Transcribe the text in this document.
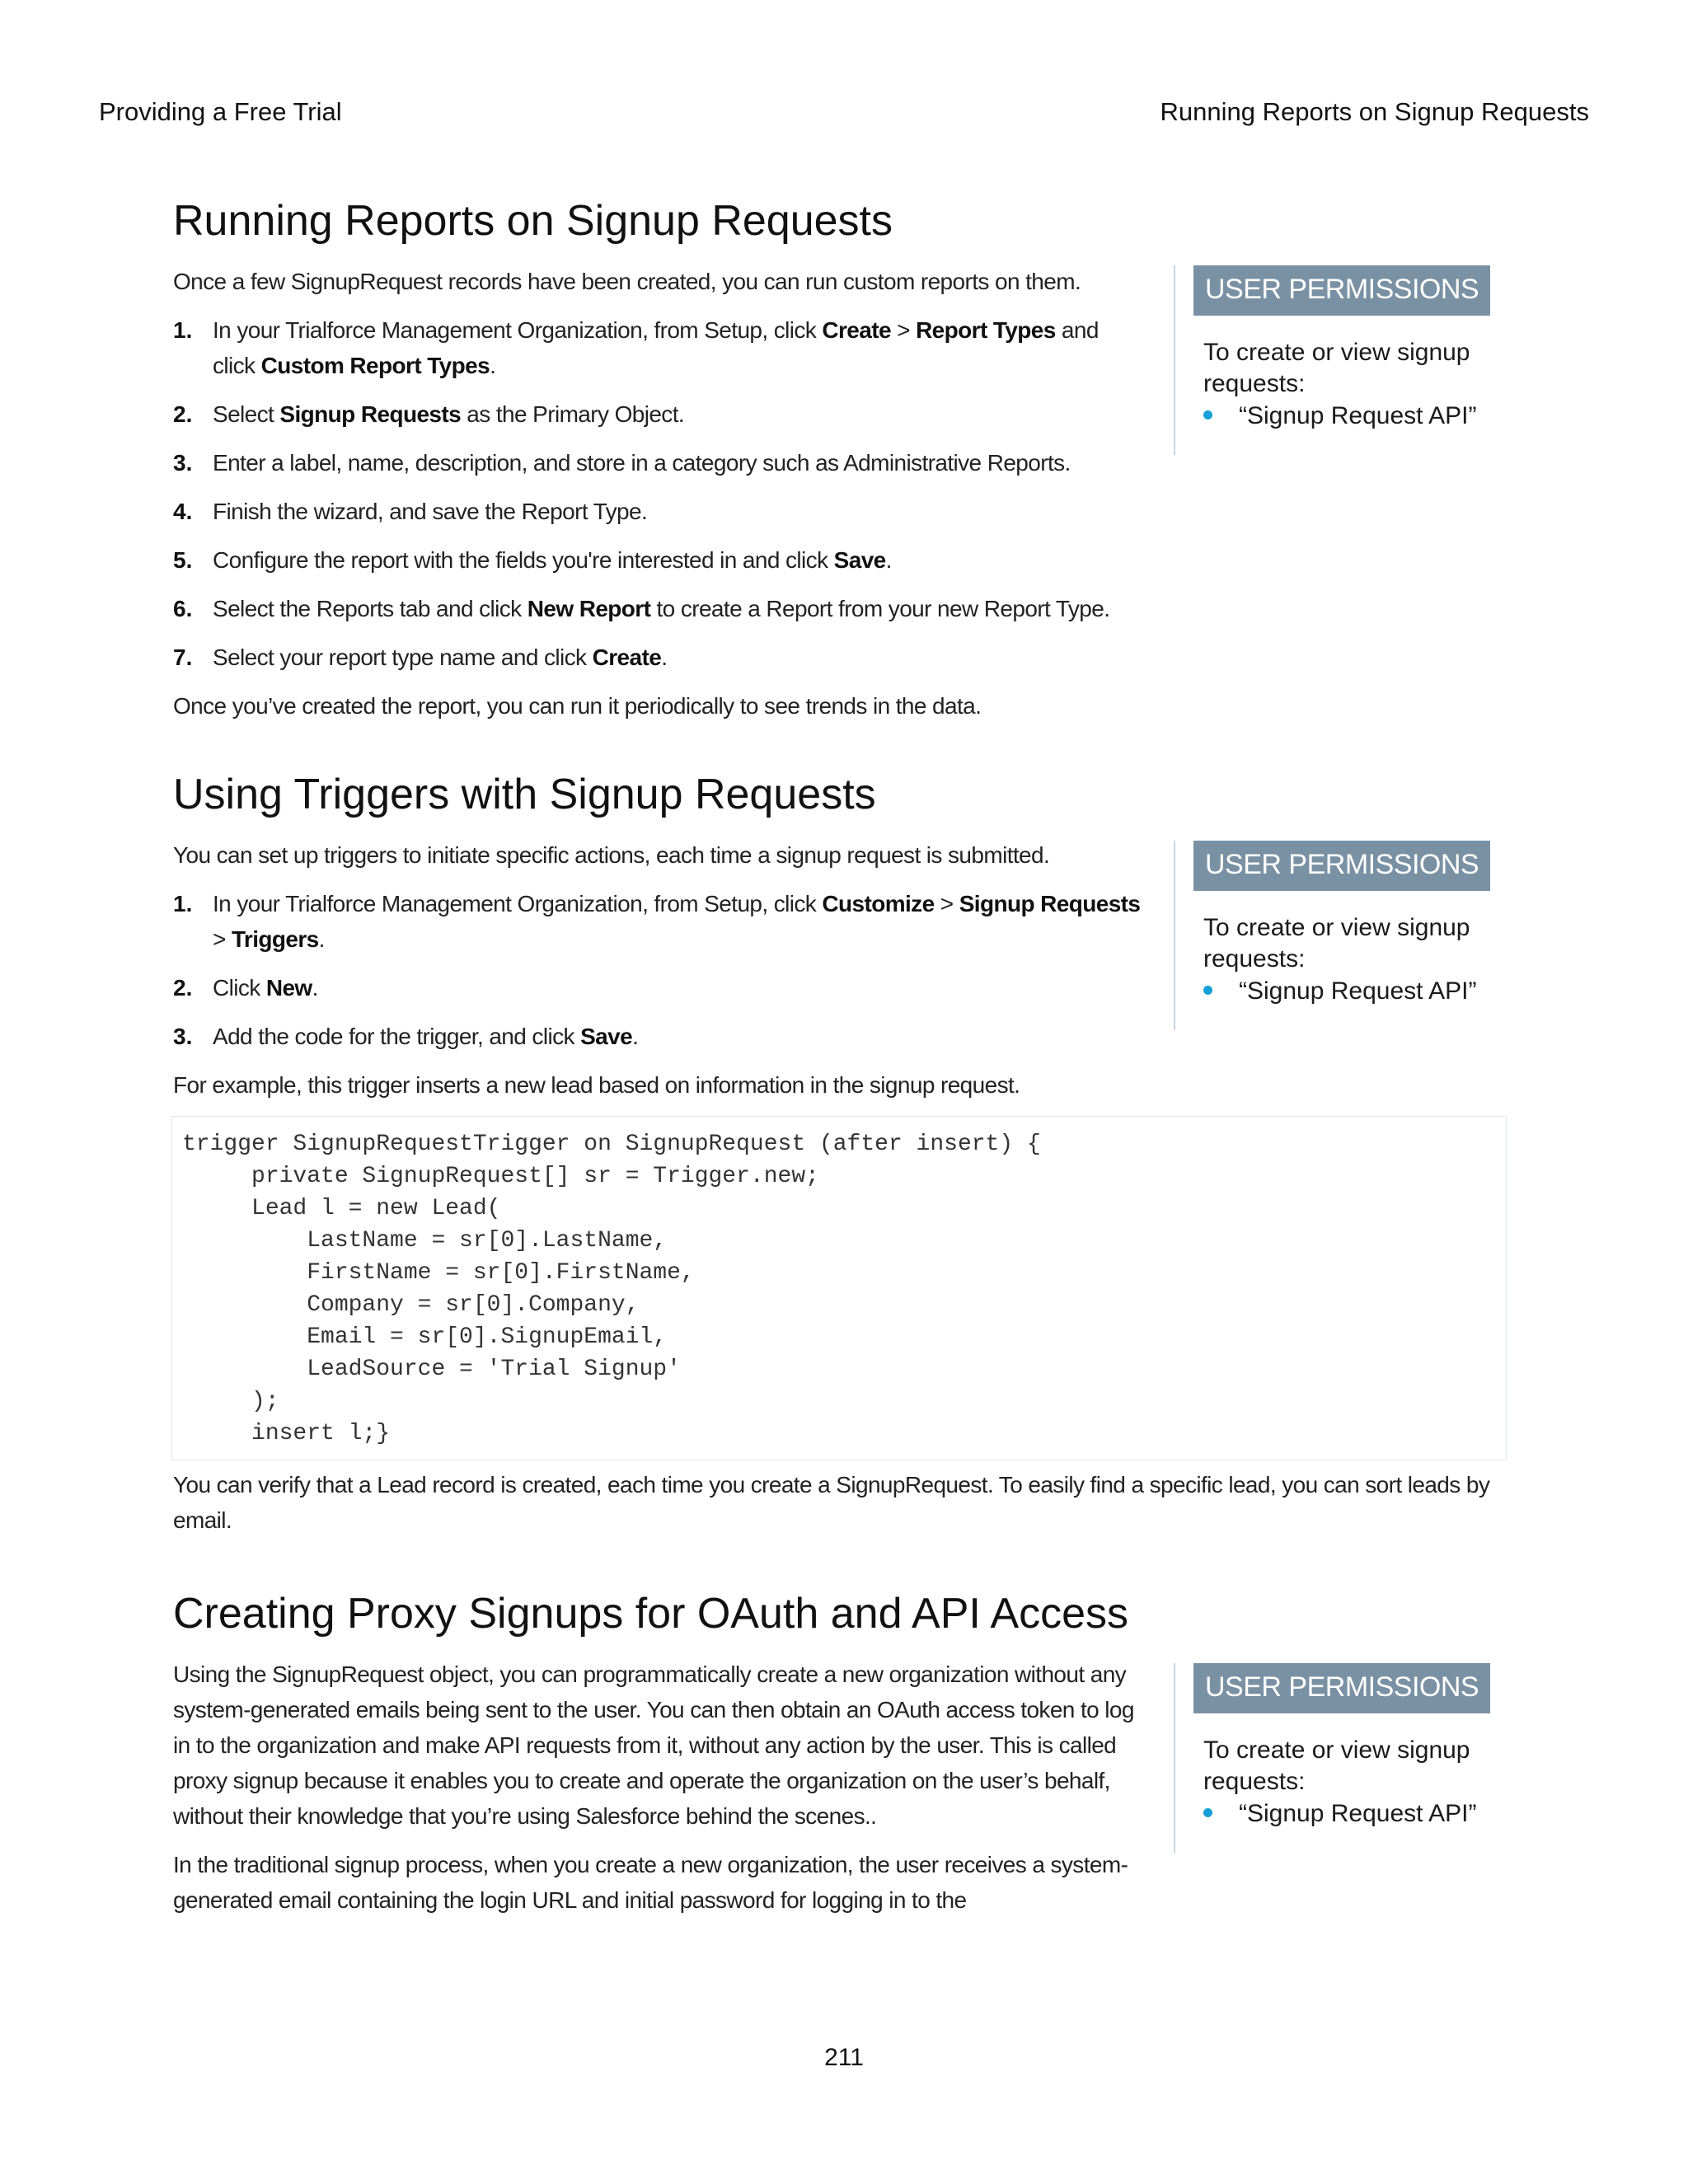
Providing a Free Trial	Running Reports on Signup Requests
Running Reports on Signup Requests

Once a few SignupRequest records have been created, you can run custom reports on them.

1. In your Trialforce Management Organization, from Setup, click Create > Report Types and click Custom Report Types.
2. Select Signup Requests as the Primary Object.
3. Enter a label, name, description, and store in a category such as Administrative Reports.
4. Finish the wizard, and save the Report Type.
5. Configure the report with the fields you're interested in and click Save.
6. Select the Reports tab and click New Report to create a Report from your new Report Type.
7. Select your report type name and click Create.

Once you’ve created the report, you can run it periodically to see trends in the data.

USER PERMISSIONS
To create or view signup requests:
“Signup Request API”
Using Triggers with Signup Requests

You can set up triggers to initiate specific actions, each time a signup request is submitted.

1. In your Trialforce Management Organization, from Setup, click Customize > Signup Requests > Triggers.
2. Click New.
3. Add the code for the trigger, and click Save.

For example, this trigger inserts a new lead based on information in the signup request.

USER PERMISSIONS
To create or view signup requests:
“Signup Request API”
trigger SignupRequestTrigger on SignupRequest (after insert) {
private SignupRequest[] sr = Trigger.new;
Lead l = new Lead(
LastName = sr[0].LastName,
FirstName = sr[0].FirstName,
Company = sr[0].Company,
Email = sr[0].SignupEmail,
LeadSource = 'Trial Signup'
);
insert l;}

You can verify that a Lead record is created, each time you create a SignupRequest. To easily find a specific lead, you can sort leads by email.

Creating Proxy Signups for OAuth and API Access

Using the SignupRequest object, you can programmatically create a new organization without any system-generated emails being sent to the user. You can then obtain an OAuth access token to log in to the organization and make API requests from it, without any action by the user. This is called proxy signup because it enables you to create and operate the organization on the user’s behalf, without their knowledge that you’re using Salesforce behind the scenes..

In the traditional signup process, when you create a new organization, the user receives a system-generated email containing the login URL and initial password for logging in to the

USER PERMISSIONS
To create or view signup requests:
“Signup Request API”
211
